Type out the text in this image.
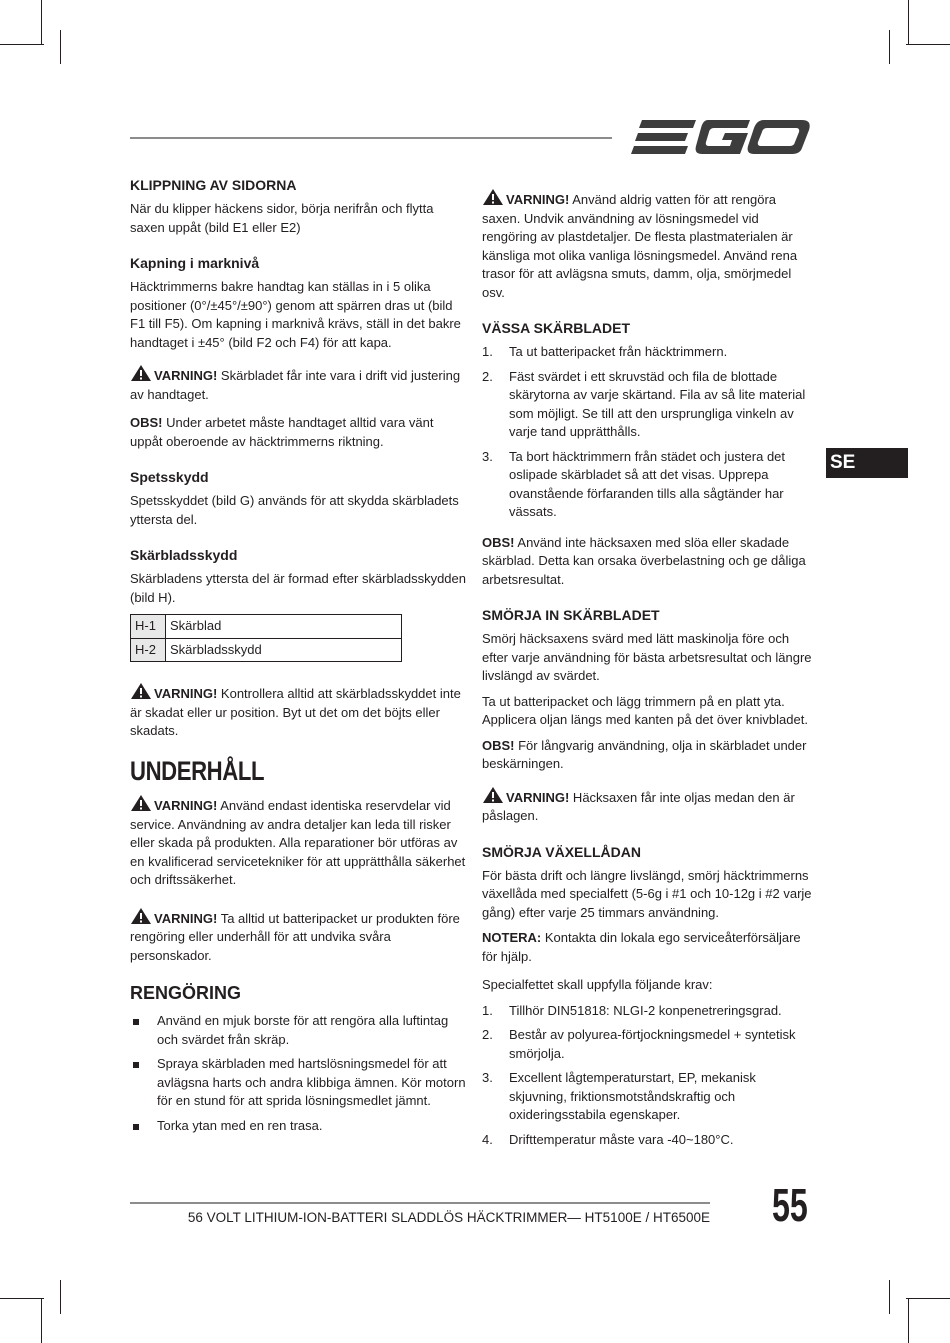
SE
KLIPPNING AV SIDORNA

När du klipper häckens sidor, börja nerifrån och flytta saxen uppåt (bild E1 eller E2)

Kapning i marknivå

Häcktrimmerns bakre handtag kan ställas in i 5 olika positioner (0°/±45°/±90°) genom att spärren dras ut (bild F1 till F5). Om kapning i marknivå krävs, ställ in det bakre handtaget i ±45° (bild F2 och F4) för att kapa.

VARNING! Skärbladet får inte vara i drift vid justering av handtaget.

OBS! Under arbetet måste handtaget alltid vara vänt uppåt oberoende av häcktrimmerns riktning.

Spetsskydd

Spetsskyddet (bild G) används för att skydda skärbladets yttersta del.

Skärbladsskydd

Skärbladens yttersta del är formad efter skärbladsskydden (bild H).

H-1	Skärblad
H-2	Skärbladsskydd

VARNING! Kontrollera alltid att skärbladsskyddet inte är skadat eller ur position. Byt ut det om det böjts eller skadats.

UNDERHÅLL

VARNING! Använd endast identiska reservdelar vid service. Användning av andra detaljer kan leda till risker eller skada på produkten. Alla reparationer bör utföras av en kvalificerad servicetekniker för att upprätthålla säkerhet och driftssäkerhet.

VARNING! Ta alltid ut batteripacket ur produkten före rengöring eller underhåll för att undvika svåra personskador.

RENGÖRING
Använd en mjuk borste för att rengöra alla luftintag och svärdet från skräp.
Spraya skärbladen med hartslösningsmedel för att avlägsna harts och andra klibbiga ämnen. Kör motorn för en stund för att sprida lösningsmedlet jämnt.
Torka ytan med en ren trasa.

VARNING! Använd aldrig vatten för att rengöra saxen. Undvik användning av lösningsmedel vid rengöring av plastdetaljer. De flesta plastmaterialen är känsliga mot olika vanliga lösningsmedel. Använd rena trasor för att avlägsna smuts, damm, olja, smörjmedel osv.

VÄSSA SKÄRBLADET
1. Ta ut batteripacket från häcktrimmern.
2. Fäst svärdet i ett skruvstäd och fila de blottade skärytorna av varje skärtand. Fila av så lite material som möjligt. Se till att den ursprungliga vinkeln av varje tand upprätthålls.
3. Ta bort häcktrimmern från städet och justera det oslipade skärbladet så att det visas. Upprepa ovanstående förfaranden tills alla sågtänder har vässats.

OBS! Använd inte häcksaxen med slöa eller skadade skärblad. Detta kan orsaka överbelastning och ge dåliga arbetsresultat.

SMÖRJA IN SKÄRBLADET

Smörj häcksaxens svärd med lätt maskinolja före och efter varje användning för bästa arbetsresultat och längre livslängd av svärdet.

Ta ut batteripacket och lägg trimmern på en platt yta. Applicera oljan längs med kanten på det över knivbladet.

OBS! För långvarig användning, olja in skärbladet under beskärningen.

VARNING! Häcksaxen får inte oljas medan den är påslagen.

SMÖRJA VÄXELLÅDAN

För bästa drift och längre livslängd, smörj häcktrimmerns växellåda med specialfett (5-6g i #1 och 10-12g i #2 varje gång) efter varje 25 timmars användning.

NOTERA: Kontakta din lokala ego serviceåterförsäljare för hjälp.

Specialfettet skall uppfylla följande krav:

1. Tillhör DIN51818: NLGI-2 konpenetreringsgrad.
2. Består av polyurea-förtjockningsmedel + syntetisk smörjolja.
3. Excellent lågtemperaturstart, EP, mekanisk skjuvning, friktionsmotståndskraftig och oxideringsstabila egenskaper.
4. Drifttemperatur måste vara -40~180°C.
56 VOLT LITHIUM-ION-BATTERI SLADDLÖS HÄCKTRIMMER— HT5100E / HT6500E 55
